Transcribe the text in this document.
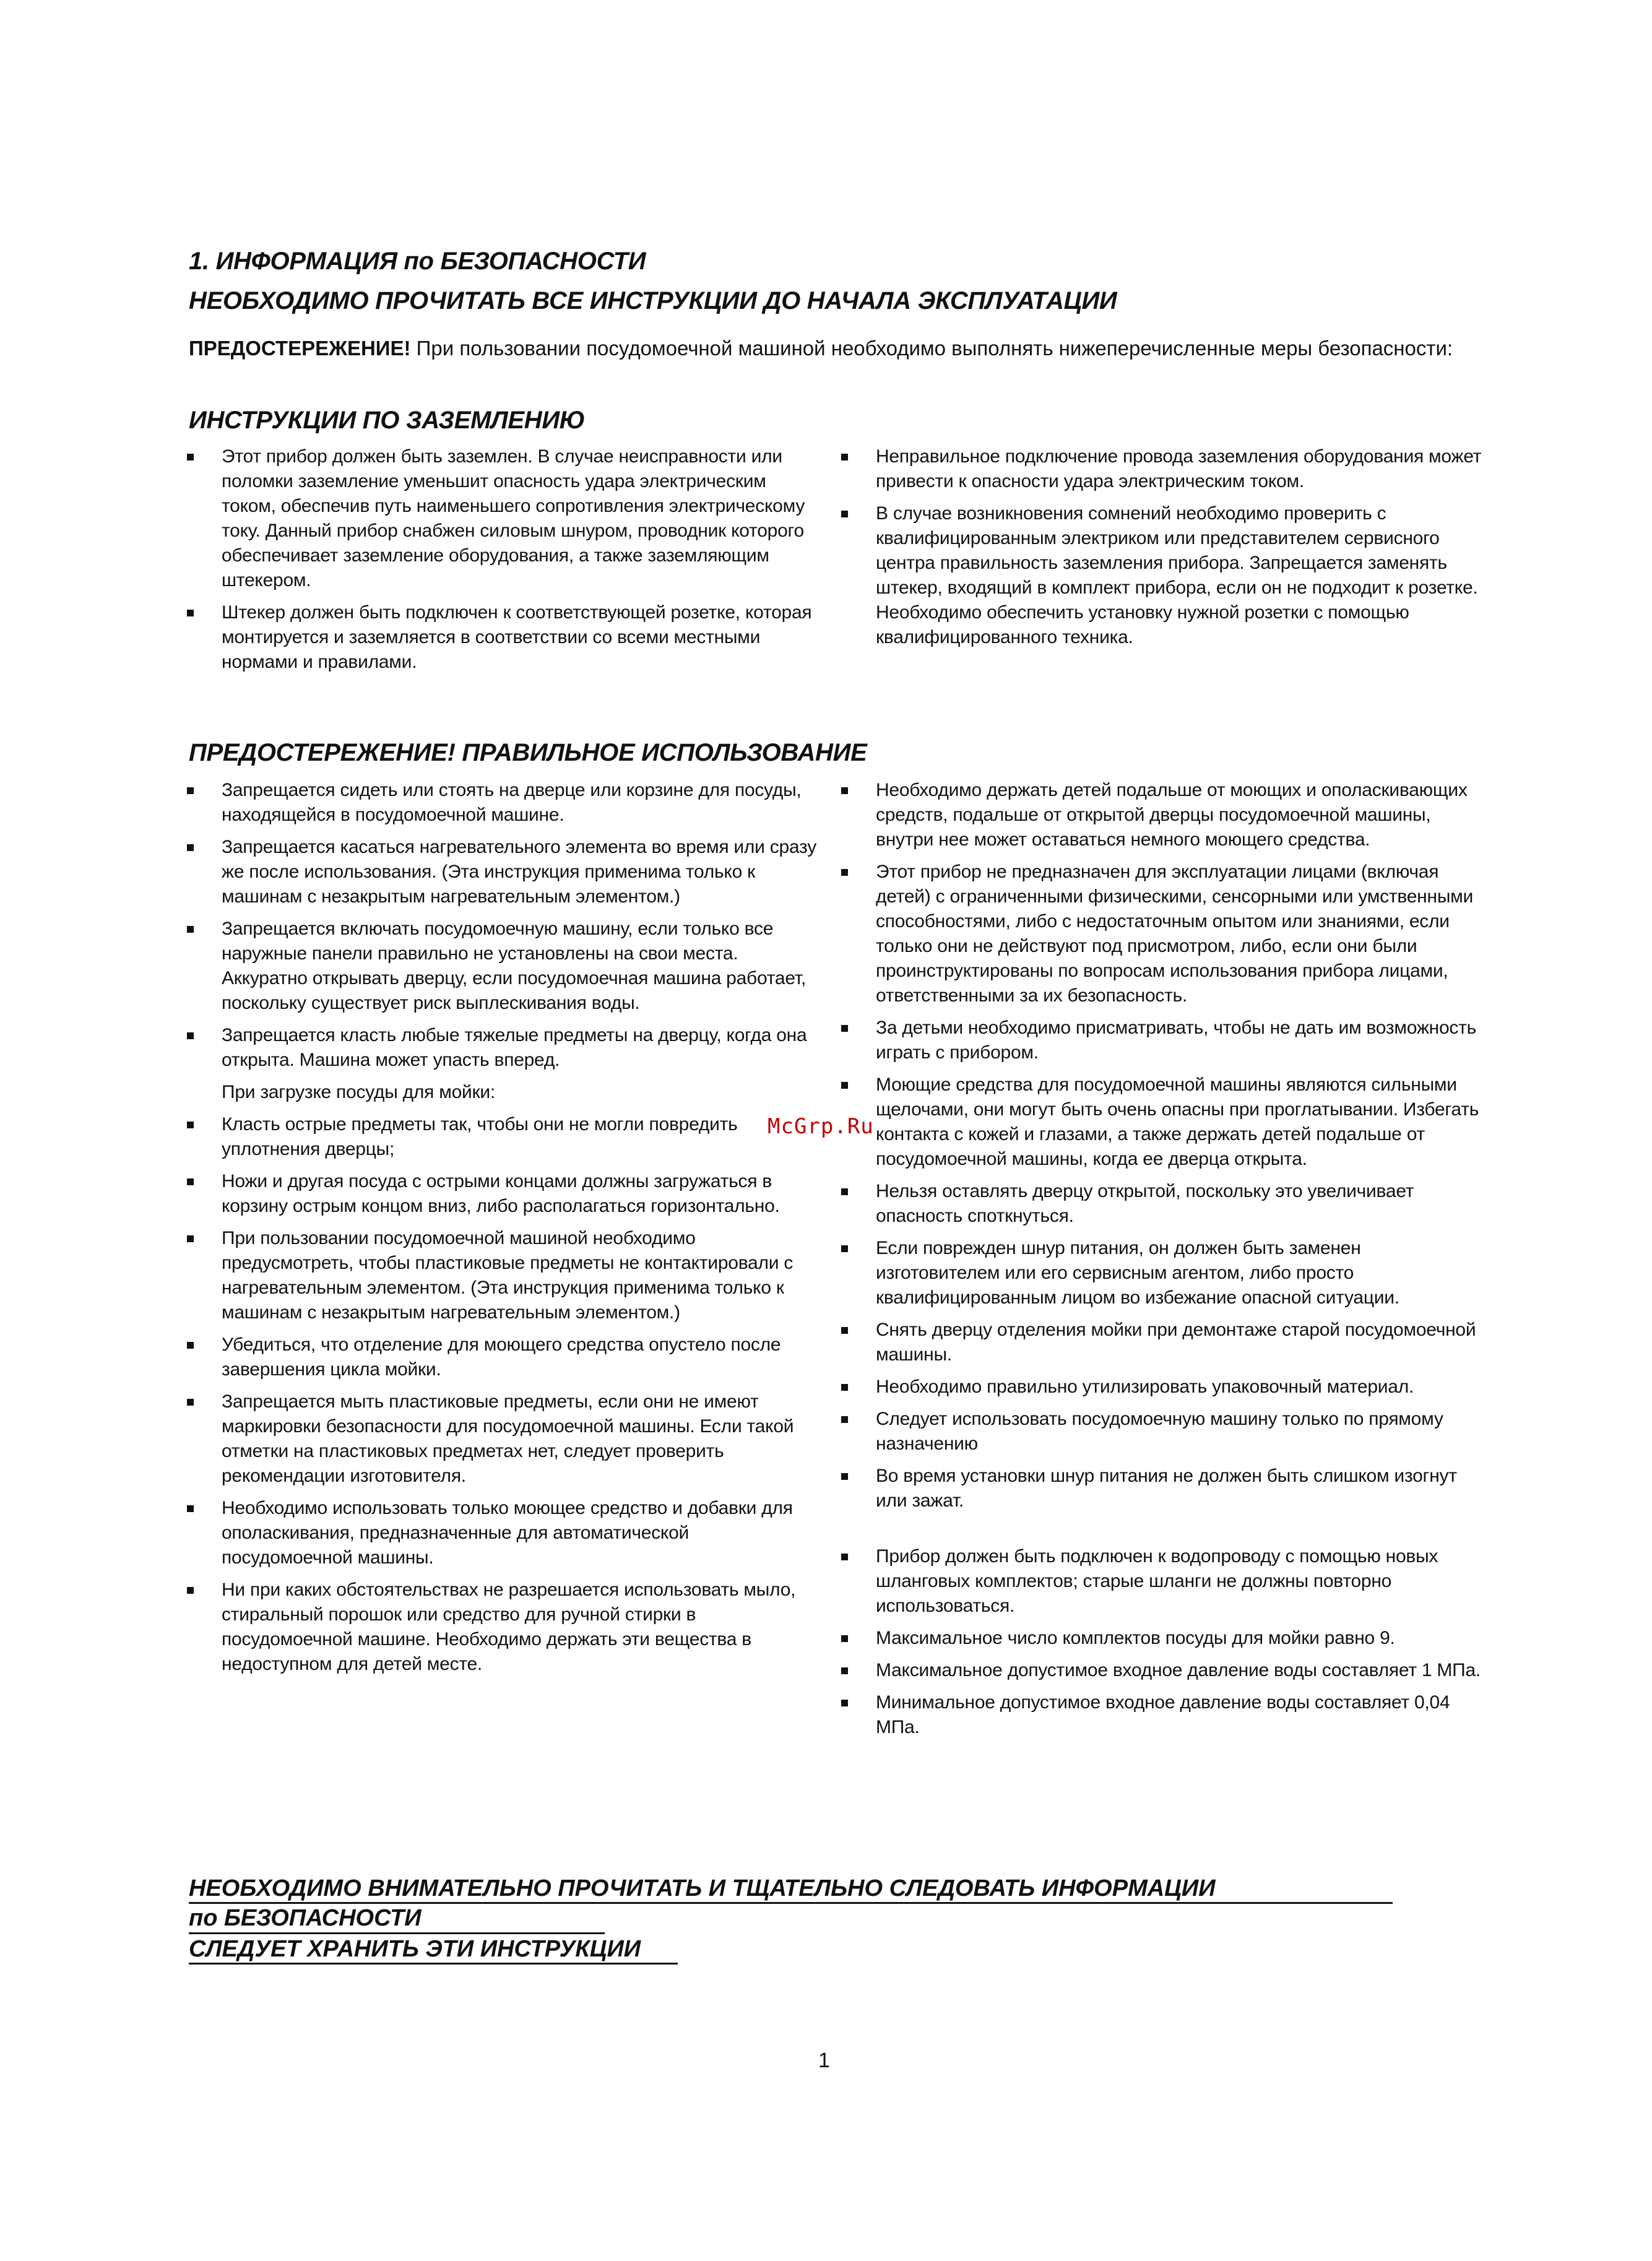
1. ИНФОРМАЦИЯ по БЕЗОПАСНОСТИ
НЕОБХОДИМО ПРОЧИТАТЬ ВСЕ ИНСТРУКЦИИ ДО НАЧАЛА ЭКСПЛУАТАЦИИ

ПРЕДОСТЕРЕЖЕНИЕ! При пользовании посудомоечной машиной необходимо выполнять нижеперечисленные меры безопасности:

ИНСТРУКЦИИ ПО ЗАЗЕМЛЕНИЮ
Этот прибор должен быть заземлен. В случае неисправности или поломки заземление уменьшит опасность удара электрическим током, обеспечив путь наименьшего сопротивления электрическому току. Данный прибор снабжен силовым шнуром, проводник которого обеспечивает заземление оборудования, а также заземляющим штекером.
Штекер должен быть подключен к соответствующей розетке, которая монтируется и заземляется в соответствии со всеми местными нормами и правилами.
Неправильное подключение провода заземления оборудования может привести к опасности удара электрическим током.
В случае возникновения сомнений необходимо проверить с квалифицированным электриком или представителем сервисного центра правильность заземления прибора. Запрещается заменять штекер, входящий в комплект прибора, если он не подходит к розетке. Необходимо обеспечить установку нужной розетки с помощью квалифицированного техника.
ПРЕДОСТЕРЕЖЕНИЕ! ПРАВИЛЬНОЕ ИСПОЛЬЗОВАНИЕ
Запрещается сидеть или стоять на дверце или корзине для посуды, находящейся в посудомоечной машине.
Запрещается касаться нагревательного элемента во время или сразу же после использования. (Эта инструкция применима только к машинам с незакрытым нагревательным элементом.)
Запрещается включать посудомоечную машину, если только все наружные панели правильно не установлены на свои места. Аккуратно открывать дверцу, если посудомоечная машина работает, поскольку существует риск выплескивания воды.
Запрещается класть любые тяжелые предметы на дверцу, когда она открыта. Машина может упасть вперед.
При загрузке посуды для мойки:
Класть острые предметы так, чтобы они не могли повредить уплотнения дверцы;
Ножи и другая посуда с острыми концами должны загружаться в корзину острым концом вниз, либо располагаться горизонтально.
При пользовании посудомоечной машиной необходимо предусмотреть, чтобы пластиковые предметы не контактировали с нагревательным элементом. (Эта инструкция применима только к машинам с незакрытым нагревательным элементом.)
Убедиться, что отделение для моющего средства опустело после завершения цикла мойки.
Запрещается мыть пластиковые предметы, если они не имеют маркировки безопасности для посудомоечной машины. Если такой отметки на пластиковых предметах нет, следует проверить рекомендации изготовителя.
Необходимо использовать только моющее средство и добавки для ополаскивания, предназначенные для автоматической посудомоечной машины.
Ни при каких обстоятельствах не разрешается использовать мыло, стиральный порошок или средство для ручной стирки в посудомоечной машине. Необходимо держать эти вещества в недоступном для детей месте.
Необходимо держать детей подальше от моющих и ополаскивающих средств, подальше от открытой дверцы посудомоечной машины, внутри нее может оставаться немного моющего средства.
Этот прибор не предназначен для эксплуатации лицами (включая детей) с ограниченными физическими, сенсорными или умственными способностями, либо с недостаточным опытом или знаниями, если только они не действуют под присмотром, либо, если они были проинструктированы по вопросам использования прибора лицами, ответственными за их безопасность.
За детьми необходимо присматривать, чтобы не дать им возможность играть с прибором.
Моющие средства для посудомоечной машины являются сильными щелочами, они могут быть очень опасны при проглатывании. Избегать контакта с кожей и глазами, а также держать детей подальше от посудомоечной машины, когда ее дверца открыта.
Нельзя оставлять дверцу открытой, поскольку это увеличивает опасность споткнуться.
Если поврежден шнур питания, он должен быть заменен изготовителем или его сервисным агентом, либо просто квалифицированным лицом во избежание опасной ситуации.
Снять дверцу отделения мойки при демонтаже старой посудомоечной машины.
Необходимо правильно утилизировать упаковочный материал.
Следует использовать посудомоечную машину только по прямому назначению
Во время установки шнур питания не должен быть слишком изогнут или зажат.
Прибор должен быть подключен к водопроводу с помощью новых шланговых комплектов; старые шланги не должны повторно использоваться.
Максимальное число комплектов посуды для мойки равно 9.
Максимальное допустимое входное давление воды составляет 1 МПа.
Минимальное допустимое входное давление воды составляет 0,04 МПа.
McGrp.Ru

НЕОБХОДИМО ВНИМАТЕЛЬНО ПРОЧИТАТЬ И ТЩАТЕЛЬНО СЛЕДОВАТЬ ИНФОРМАЦИИ

по БЕЗОПАСНОСТИ

СЛЕДУЕТ ХРАНИТЬ ЭТИ ИНСТРУКЦИИ

1
